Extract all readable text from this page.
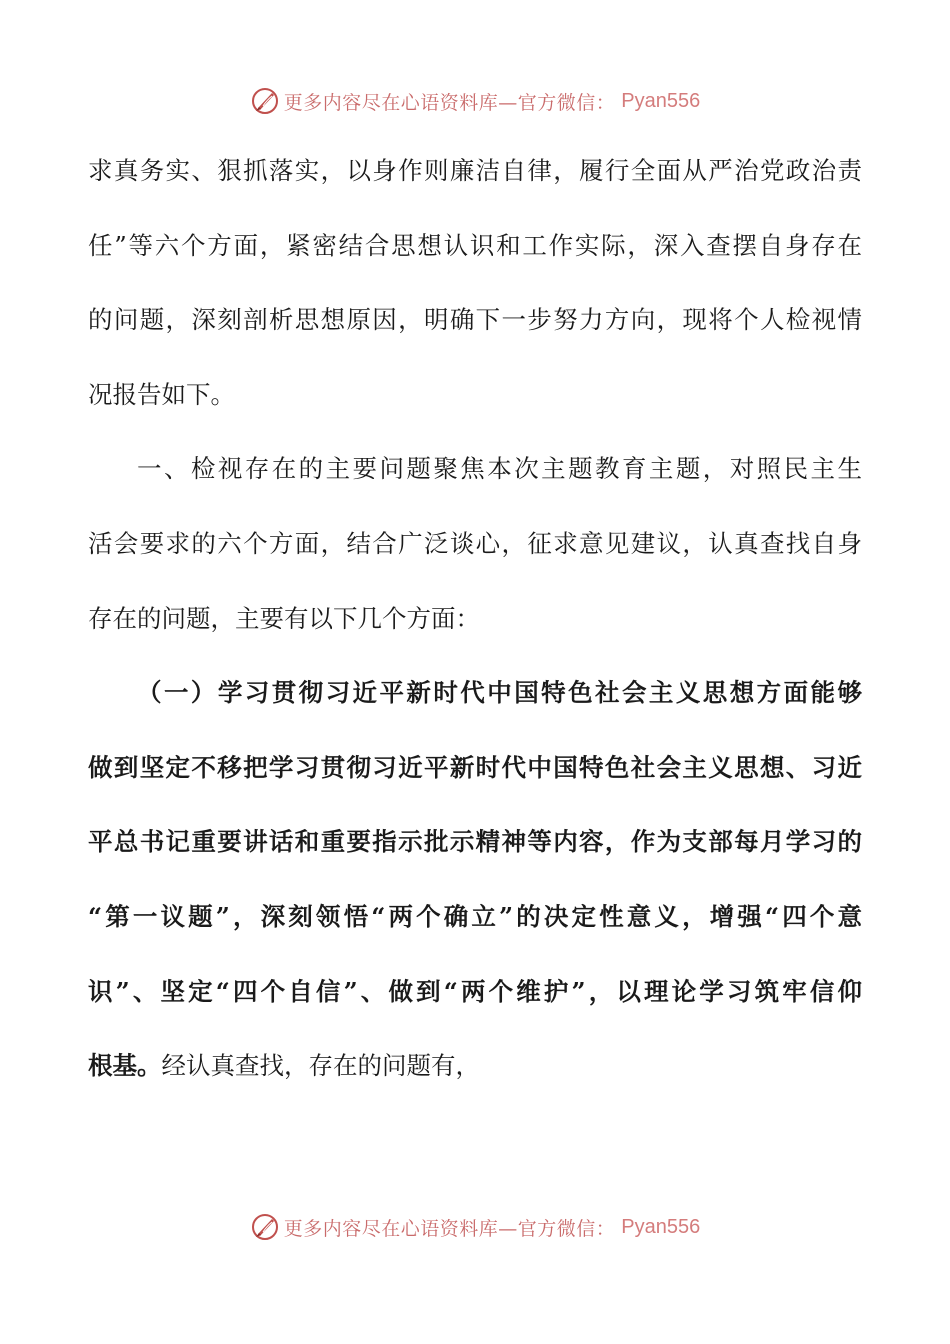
更多内容尽在心语资料库—官方微信： Pyan556
求真务实、狠抓落实，以身作则廉洁自律，履行全面从严治党政治责
任”等六个方面，紧密结合思想认识和工作实际，深入查摆自身存在
的问题，深刻剖析思想原因，明确下一步努力方向，现将个人检视情
况报告如下。
一、检视存在的主要问题聚焦本次主题教育主题，对照民主生
活会要求的六个方面，结合广泛谈心，征求意见建议，认真查找自身
存在的问题，主要有以下几个方面：
（一）学习贯彻习近平新时代中国特色社会主义思想方面能够
做到坚定不移把学习贯彻习近平新时代中国特色社会主义思想、习近
平总书记重要讲话和重要指示批示精神等内容，作为支部每月学习的
“第一议题”，深刻领悟“两个确立”的决定性意义，增强“四个意
识”、坚定“四个自信”、做到“两个维护”，以理论学习筑牢信仰
根基。经认真查找，存在的问题有，
更多内容尽在心语资料库—官方微信： Pyan556
